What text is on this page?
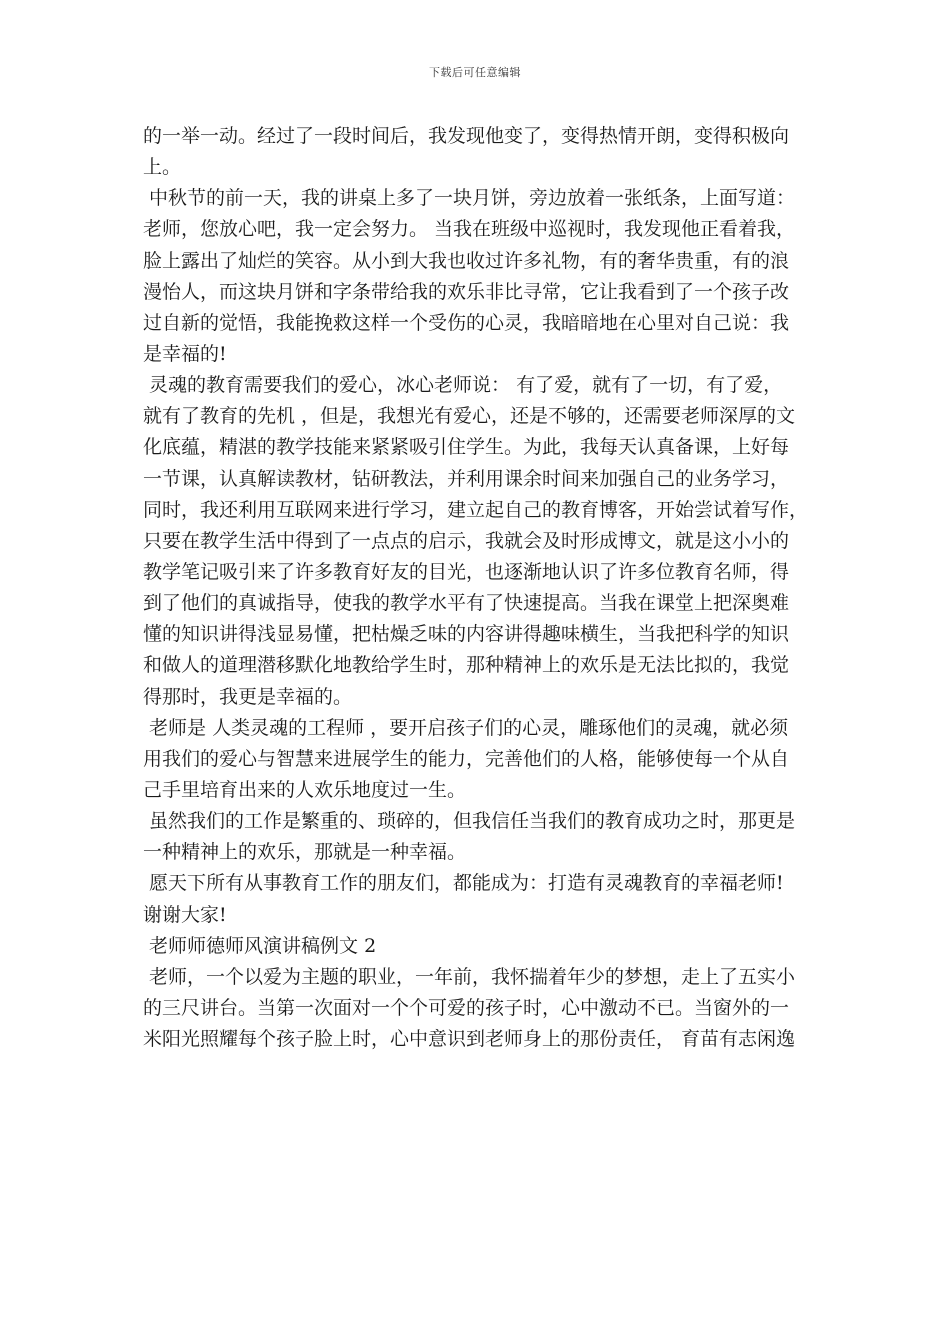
下载后可任意编辑
的一举一动。经过了一段时间后，我发现他变了，变得热情开朗，变得积极向
上。
中秋节的前一天，我的讲桌上多了一块月饼，旁边放着一张纸条，上面写道：
老师，您放心吧，我一定会努力。 当我在班级中巡视时，我发现他正看着我，
脸上露出了灿烂的笑容。从小到大我也收过许多礼物，有的奢华贵重，有的浪
漫怡人，而这块月饼和字条带给我的欢乐非比寻常，它让我看到了一个孩子改
过自新的觉悟，我能挽救这样一个受伤的心灵，我暗暗地在心里对自己说：我
是幸福的!
灵魂的教育需要我们的爱心，冰心老师说： 有了爱，就有了一切，有了爱，
就有了教育的先机 ，但是，我想光有爱心，还是不够的，还需要老师深厚的文
化底蕴，精湛的教学技能来紧紧吸引住学生。为此，我每天认真备课，上好每
一节课，认真解读教材，钻研教法，并利用课余时间来加强自己的业务学习，
同时，我还利用互联网来进行学习，建立起自己的教育博客，开始尝试着写作，
只要在教学生活中得到了一点点的启示，我就会及时形成博文，就是这小小的
教学笔记吸引来了许多教育好友的目光，也逐渐地认识了许多位教育名师，得
到了他们的真诚指导，使我的教学水平有了快速提高。当我在课堂上把深奥难
懂的知识讲得浅显易懂，把枯燥乏味的内容讲得趣味横生，当我把科学的知识
和做人的道理潜移默化地教给学生时，那种精神上的欢乐是无法比拟的，我觉
得那时，我更是幸福的。
老师是 人类灵魂的工程师 ，要开启孩子们的心灵，雕琢他们的灵魂，就必须
用我们的爱心与智慧来进展学生的能力，完善他们的人格，能够使每一个从自
己手里培育出来的人欢乐地度过一生。
虽然我们的工作是繁重的、琐碎的，但我信任当我们的教育成功之时，那更是
一种精神上的欢乐，那就是一种幸福。
愿天下所有从事教育工作的朋友们，都能成为：打造有灵魂教育的幸福老师!
谢谢大家!
老师师德师风演讲稿例文 2
老师，一个以爱为主题的职业，一年前，我怀揣着年少的梦想，走上了五实小
的三尺讲台。当第一次面对一个个可爱的孩子时，心中激动不已。当窗外的一
米阳光照耀每个孩子脸上时，心中意识到老师身上的那份责任， 育苗有志闲逸
